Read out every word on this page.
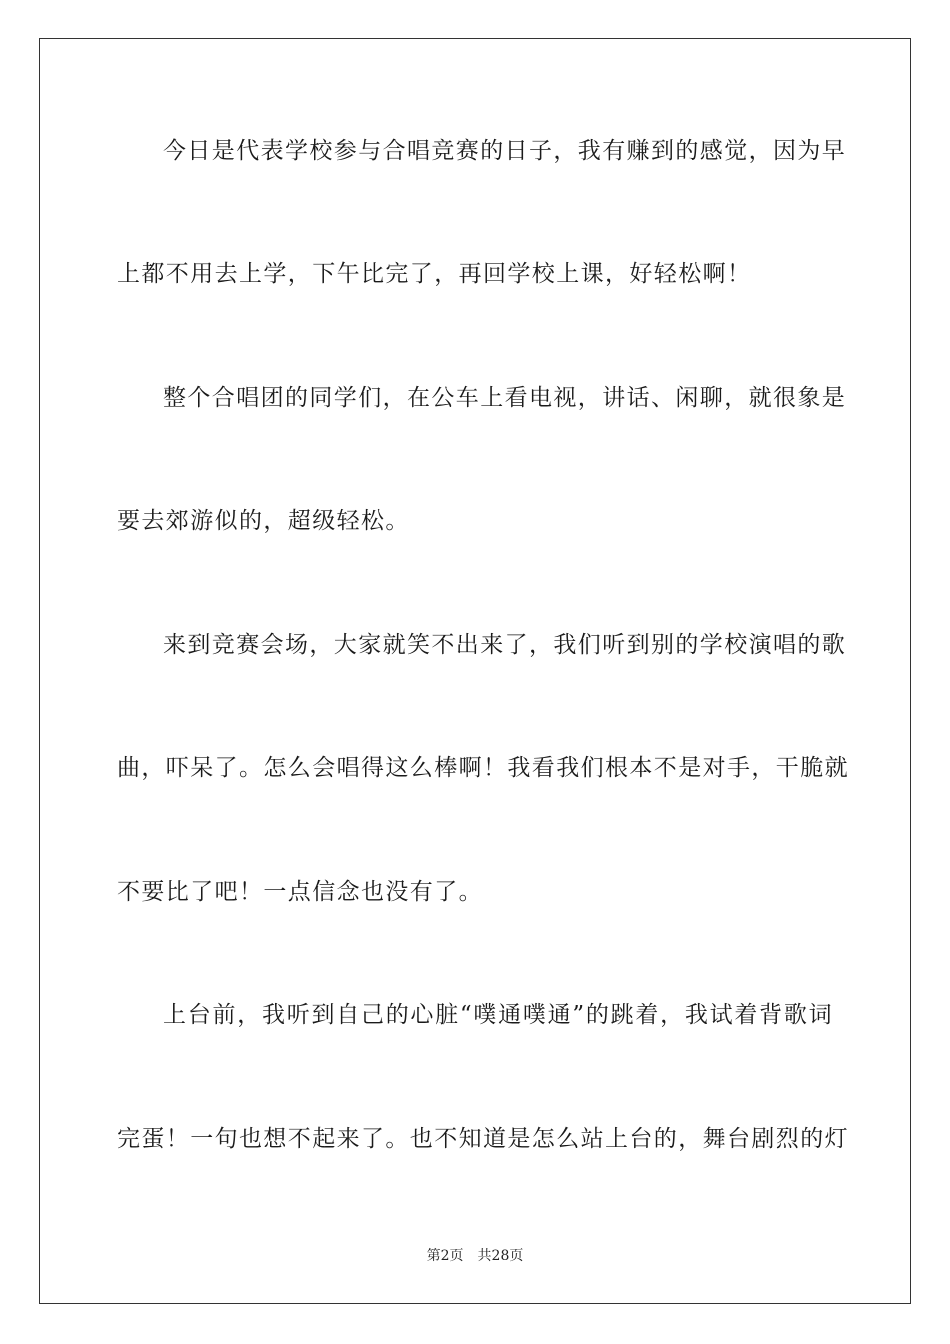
今日是代表学校参与合唱竞赛的日子，我有赚到的感觉，因为早
上都不用去上学，下午比完了，再回学校上课，好轻松啊！
整个合唱团的同学们，在公车上看电视，讲话、闲聊，就很象是
要去郊游似的，超级轻松。
来到竞赛会场，大家就笑不出来了，我们听到别的学校演唱的歌
曲，吓呆了。怎么会唱得这么棒啊！我看我们根本不是对手，干脆就
不要比了吧！一点信念也没有了。
上台前，我听到自己的心脏“噗通噗通”的跳着，我试着背歌词
完蛋！一句也想不起来了。也不知道是怎么站上台的，舞台剧烈的灯
第2页 共28页
